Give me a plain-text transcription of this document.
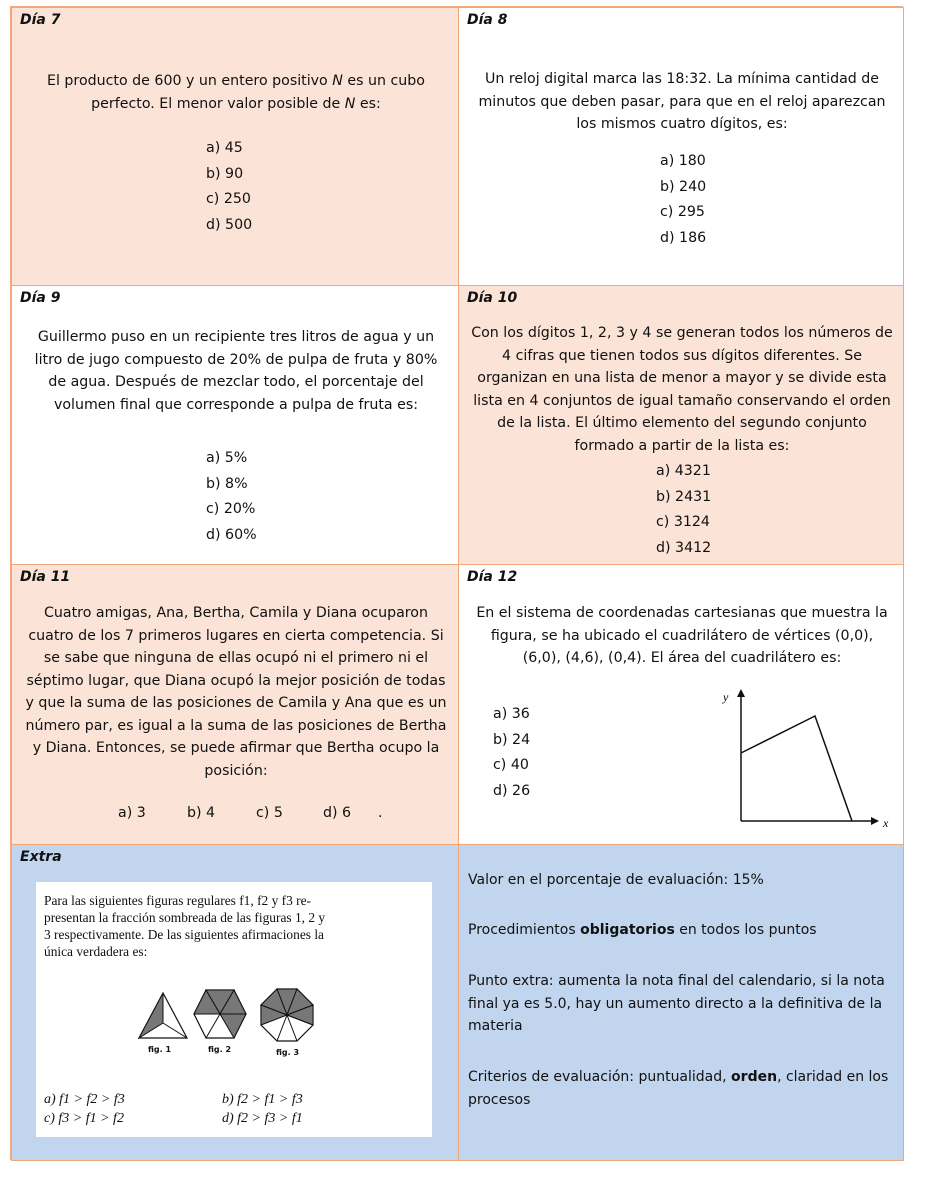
Día 7
El producto de 600 y un entero positivo N es un cubo
perfecto. El menor valor posible de N es:
a) 45
b) 90
c) 250
d) 500
Día 8
Un reloj digital marca las 18:32. La mínima cantidad de
minutos que deben pasar, para que en el reloj aparezcan
los mismos cuatro dígitos, es:
a) 180
b) 240
c) 295
d) 186
Día 9
Guillermo puso en un recipiente tres litros de agua y un
litro de jugo compuesto de 20% de pulpa de fruta y 80%
de agua. Después de mezclar todo, el porcentaje del
volumen final que corresponde a pulpa de fruta es:
a) 5%
b) 8%
c) 20%
d) 60%
Día 10
Con los dígitos 1, 2, 3 y 4 se generan todos los números de
4 cifras que tienen todos sus dígitos diferentes. Se
organizan en una lista de menor a mayor y se divide esta
lista en 4 conjuntos de igual tamaño conservando el orden
de la lista. El último elemento del segundo conjunto
formado a partir de la lista es:
a) 4321
b) 2431
c) 3124
d) 3412
Día 11
Cuatro amigas, Ana, Bertha, Camila y Diana ocuparon
cuatro de los 7 primeros lugares en cierta competencia. Si
se sabe que ninguna de ellas ocupó ni el primero ni el
séptimo lugar, que Diana ocupó la mejor posición de todas
y que la suma de las posiciones de Camila y Ana que es un
número par, es igual a la suma de las posiciones de Bertha
y Diana. Entonces, se puede afirmar que Bertha ocupo la
posición:
a) 3	b) 4	c) 5	d) 6 .
Día 12
En el sistema de coordenadas cartesianas que muestra la
figura, se ha ubicado el cuadrilátero de vértices (0,0),
(6,0), (4,6), (0,4). El área del cuadrilátero es:
a) 36
b) 24
c) 40
d) 26
y
x
Extra
Para las siguientes figuras regulares f1, f2 y f3 re-
presentan la fracción sombreada de las figuras 1, 2 y
3 respectivamente. De las siguientes afirmaciones la
única verdadera es:
fig. 1	fig. 2	fig. 3
a) f1 > f2 > f3	b) f2 > f1 > f3
c) f3 > f1 > f2	d) f2 > f3 > f1
Valor en el porcentaje de evaluación: 15%
Procedimientos obligatorios en todos los puntos
Punto extra: aumenta la nota final del calendario, si la nota
final ya es 5.0, hay un aumento directo a la definitiva de la
materia
Criterios de evaluación: puntualidad, orden, claridad en los
procesos
